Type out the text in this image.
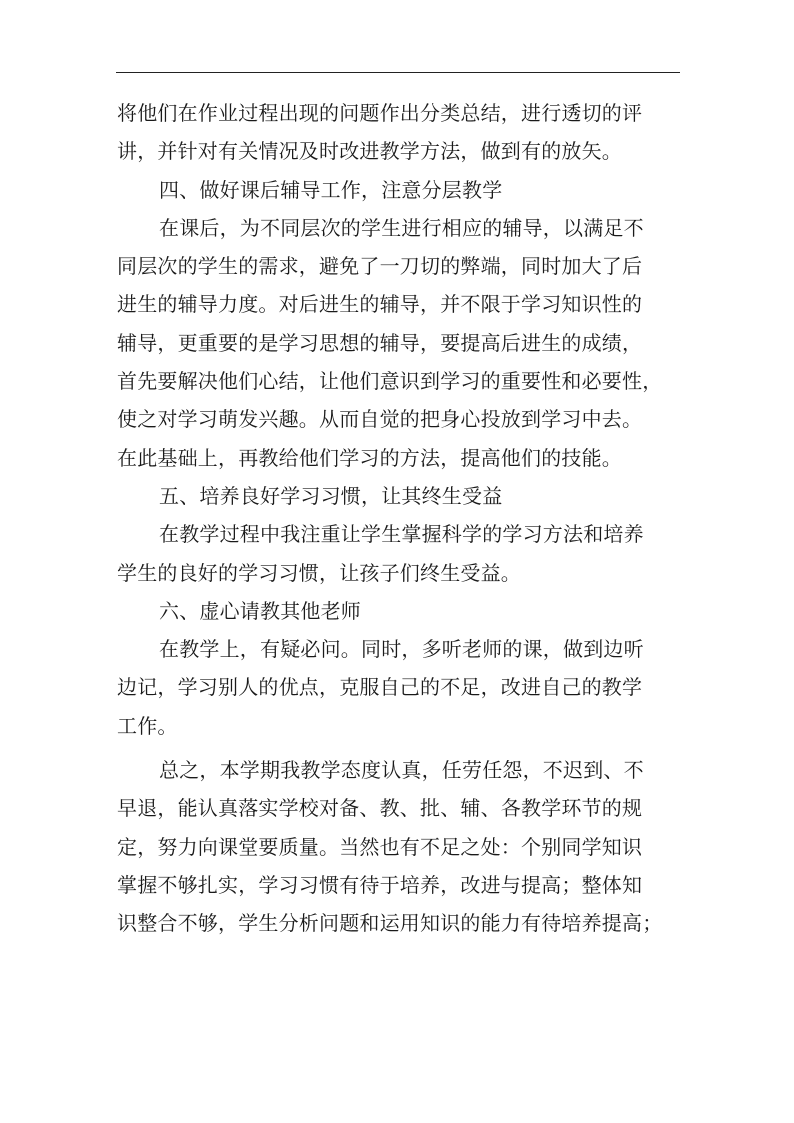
将他们在作业过程出现的问题作出分类总结，进行透切的评
讲，并针对有关情况及时改进教学方法，做到有的放矢。
四、做好课后辅导工作，注意分层教学
在课后，为不同层次的学生进行相应的辅导，以满足不
同层次的学生的需求，避免了一刀切的弊端，同时加大了后
进生的辅导力度。对后进生的辅导，并不限于学习知识性的
辅导，更重要的是学习思想的辅导，要提高后进生的成绩，
首先要解决他们心结，让他们意识到学习的重要性和必要性，
使之对学习萌发兴趣。从而自觉的把身心投放到学习中去。
在此基础上，再教给他们学习的方法，提高他们的技能。
五、培养良好学习习惯，让其终生受益
在教学过程中我注重让学生掌握科学的学习方法和培养
学生的良好的学习习惯，让孩子们终生受益。
六、虚心请教其他老师
在教学上，有疑必问。同时，多听老师的课，做到边听
边记，学习别人的优点，克服自己的不足，改进自己的教学
工作。
总之，本学期我教学态度认真，任劳任怨，不迟到、不
早退，能认真落实学校对备、教、批、辅、各教学环节的规
定，努力向课堂要质量。当然也有不足之处：个别同学知识
掌握不够扎实，学习习惯有待于培养，改进与提高；整体知
识整合不够，学生分析问题和运用知识的能力有待培养提高；
